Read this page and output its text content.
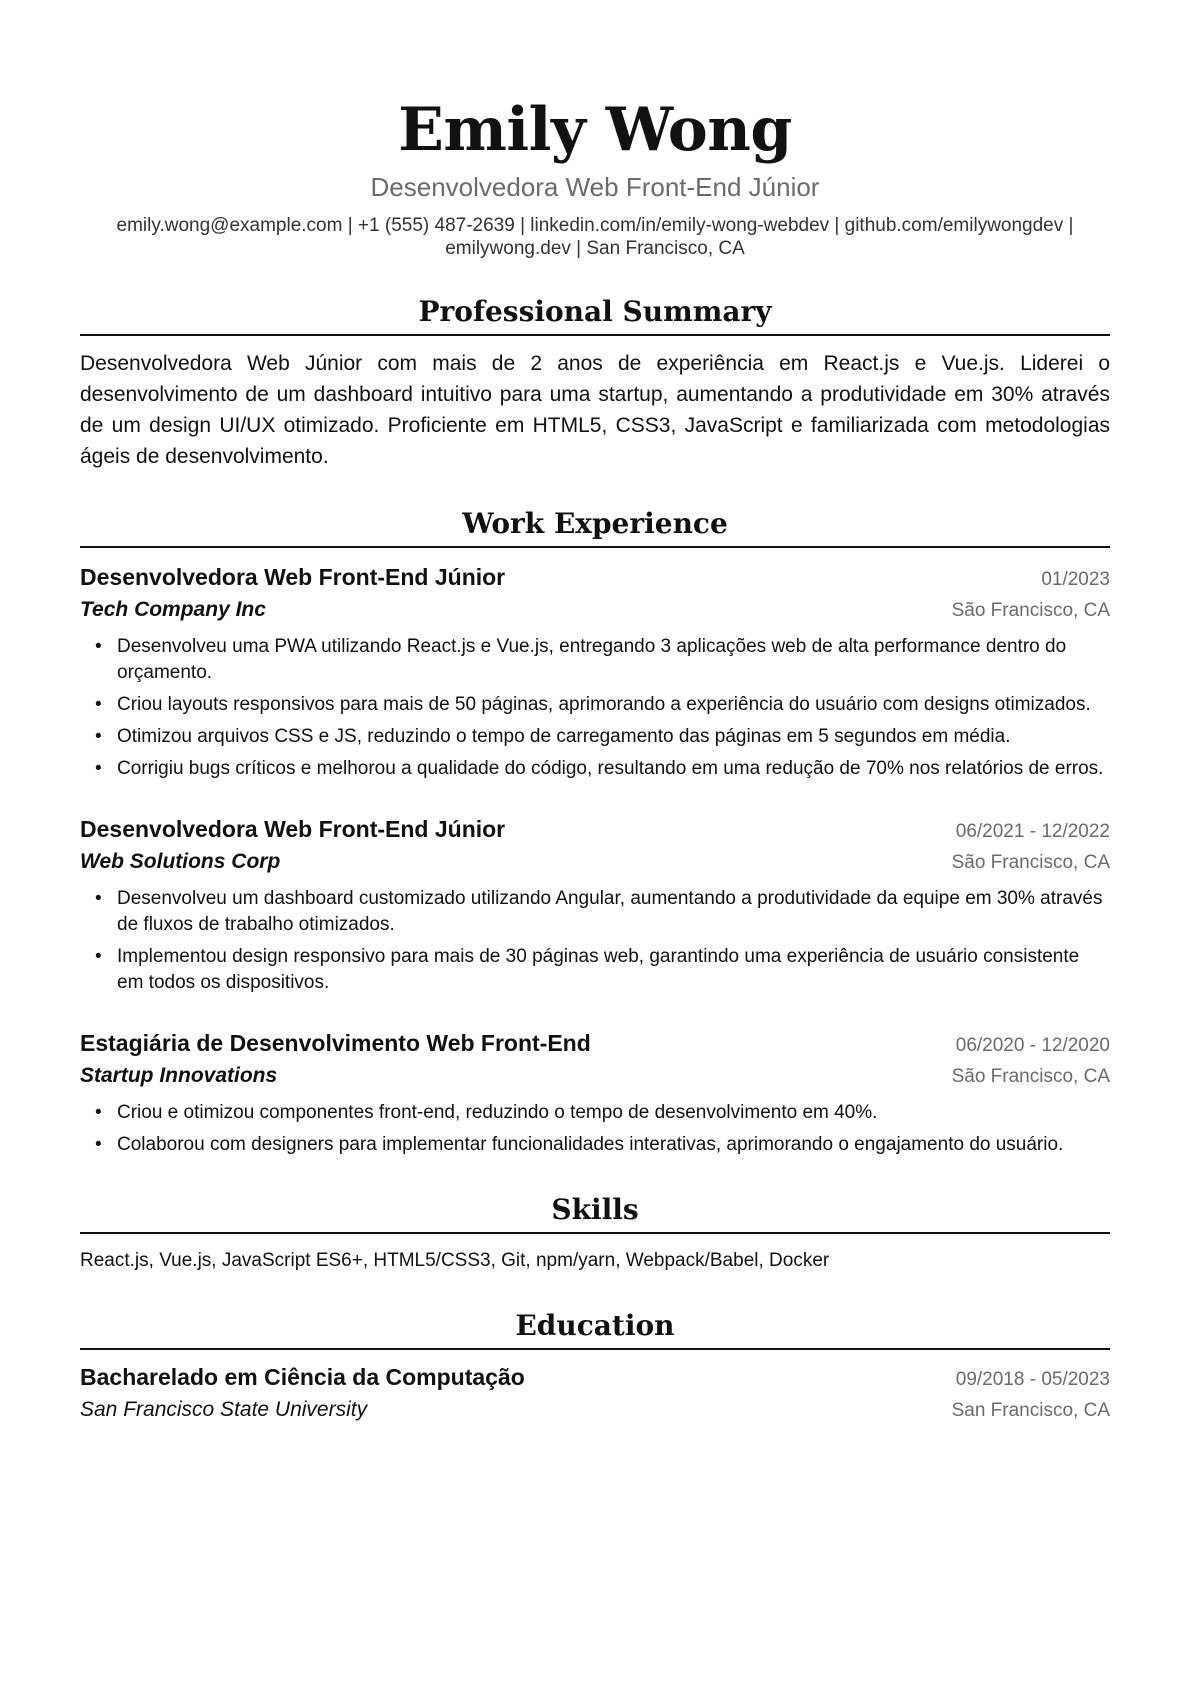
Emily Wong
Desenvolvedora Web Front-End Júnior
emily.wong@example.com | +1 (555) 487-2639 | linkedin.com/in/emily-wong-webdev | github.com/emilywongdev |
emilywong.dev | San Francisco, CA
Professional Summary
Desenvolvedora Web Júnior com mais de 2 anos de experiência em React.js e Vue.js. Liderei o desenvolvimento de um dashboard intuitivo para uma startup, aumentando a produtividade em 30% através de um design UI/UX otimizado. Proficiente em HTML5, CSS3, JavaScript e familiarizada com metodologias ágeis de desenvolvimento.
Work Experience
Desenvolvedora Web Front-End Júnior	01/2023
Tech Company Inc	São Francisco, CA
• Desenvolveu uma PWA utilizando React.js e Vue.js, entregando 3 aplicações web de alta performance dentro do orçamento.
• Criou layouts responsivos para mais de 50 páginas, aprimorando a experiência do usuário com designs otimizados.
• Otimizou arquivos CSS e JS, reduzindo o tempo de carregamento das páginas em 5 segundos em média.
• Corrigiu bugs críticos e melhorou a qualidade do código, resultando em uma redução de 70% nos relatórios de erros.
Desenvolvedora Web Front-End Júnior	06/2021 - 12/2022
Web Solutions Corp	São Francisco, CA
• Desenvolveu um dashboard customizado utilizando Angular, aumentando a produtividade da equipe em 30% através de fluxos de trabalho otimizados.
• Implementou design responsivo para mais de 30 páginas web, garantindo uma experiência de usuário consistente em todos os dispositivos.
Estagiária de Desenvolvimento Web Front-End	06/2020 - 12/2020
Startup Innovations	São Francisco, CA
• Criou e otimizou componentes front-end, reduzindo o tempo de desenvolvimento em 40%.
• Colaborou com designers para implementar funcionalidades interativas, aprimorando o engajamento do usuário.
Skills
React.js, Vue.js, JavaScript ES6+, HTML5/CSS3, Git, npm/yarn, Webpack/Babel, Docker
Education
Bacharelado em Ciência da Computação	09/2018 - 05/2023
San Francisco State University	San Francisco, CA
